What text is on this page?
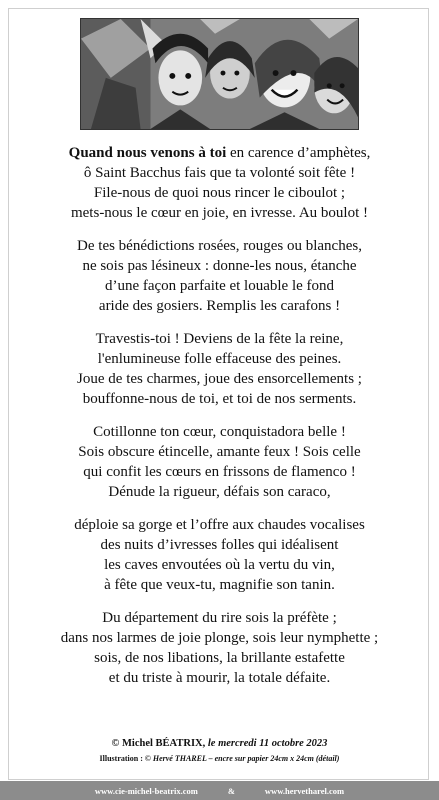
Quand nous venons à toi en carence d’amphètes,
ô Saint Bacchus fais que ta volonté soit fête !
File-nous de quoi nous rincer le ciboulot ;
mets-nous le cœur en joie, en ivresse. Au boulot !
De tes bénédictions rosées, rouges ou blanches,
ne sois pas lésineux : donne-les nous, étanche
d’une façon parfaite et louable le fond
aride des gosiers. Remplis les carafons !
Travestis-toi ! Deviens de la fête la reine,
l'enlumineuse folle effaceuse des peines.
Joue de tes charmes, joue des ensorcellements ;
bouffonne-nous de toi, et toi de nos serments.
Cotillonne ton cœur, conquistadora belle !
Sois obscure étincelle, amante feux ! Sois celle
qui confit les cœurs en frissons de flamenco !
Dénude la rigueur, défais son caraco,
déploie sa gorge et l’offre aux chaudes vocalises
des nuits d’ivresses folles qui idéalisent
les caves envoutées où la vertu du vin,
à fête que veux-tu, magnifie son tanin.
Du département du rire sois la préfète ;
dans nos larmes de joie plonge, sois leur nymphette ;
sois, de nos libations, la brillante estafette
et du triste à mourir, la totale défaite.
© Michel BÉATRIX, le mercredi 11 octobre 2023
Illustration : © Hervé THAREL – encre sur papier 24cm x 24cm (détail)
www.cie-michel-beatrix.com	&	www.hervetharel.com
